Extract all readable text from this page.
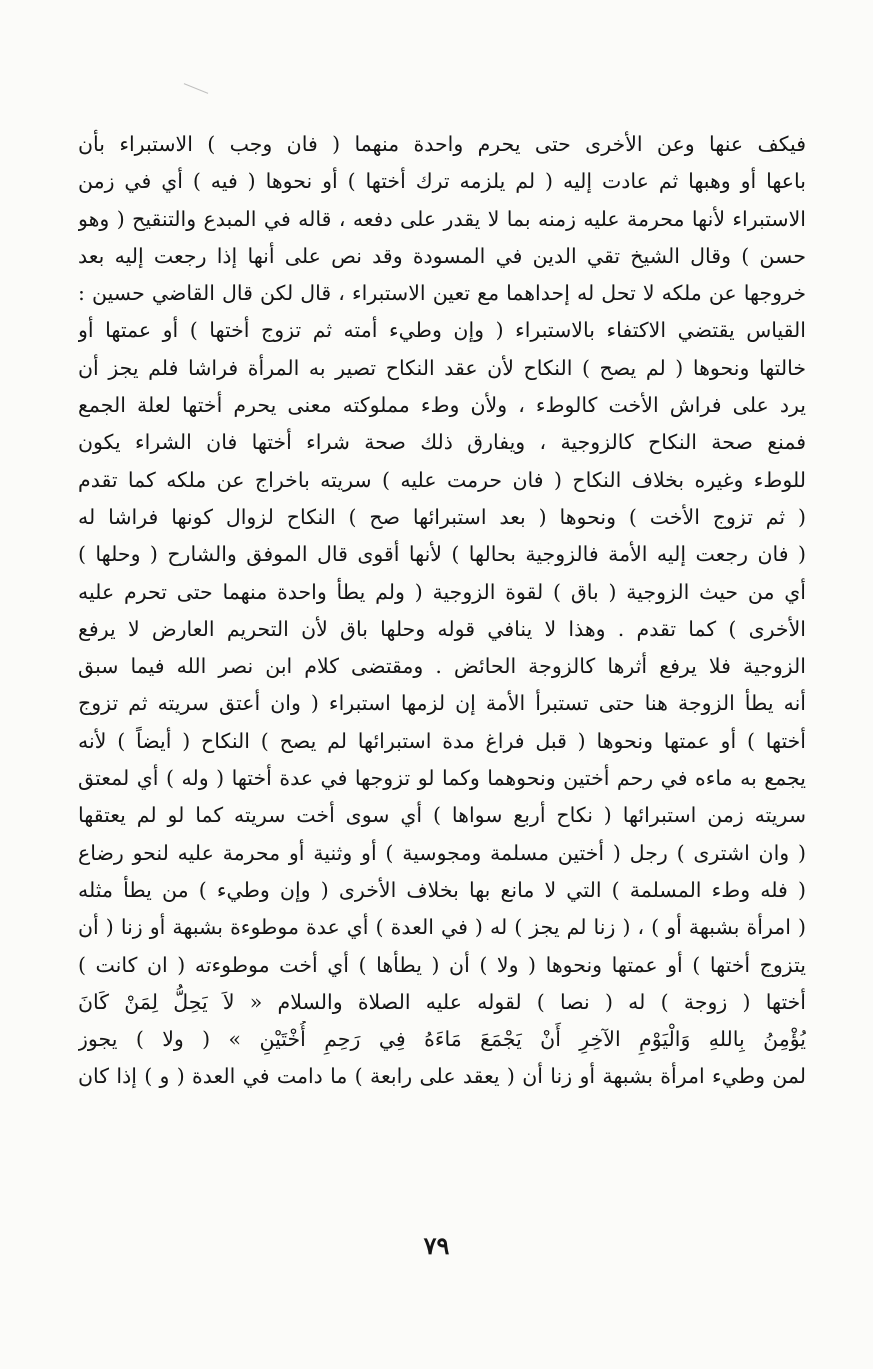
فيكف عنها وعن الأخرى حتى يحرم واحدة منهما ( فان وجب ) الاستبراء بأن
باعها أو وهبها ثم عادت إليه ( لم يلزمه ترك أختها ) أو نحوها ( فيه ) أي في زمن
الاستبراء لأنها محرمة عليه زمنه بما لا يقدر على دفعه ، قاله في المبدع والتنقيح ( وهو
حسن ) وقال الشيخ تقي الدين في المسودة وقد نص على أنها إذا رجعت إليه بعد
خروجها عن ملكه لا تحل له إحداهما مع تعين الاستبراء ، قال لكن قال القاضي حسين :
القياس يقتضي الاكتفاء بالاستبراء ( وإن وطيء أمته ثم تزوج أختها ) أو عمتها أو
خالتها ونحوها ( لم يصح ) النكاح لأن عقد النكاح تصير به المرأة فراشا فلم يجز أن
يرد على فراش الأخت كالوطء ، ولأن وطء مملوكته معنى يحرم أختها لعلة الجمع
فمنع صحة النكاح كالزوجية ، ويفارق ذلك صحة شراء أختها فان الشراء يكون
للوطء وغيره بخلاف النكاح ( فان حرمت عليه ) سريته باخراج عن ملكه كما تقدم
( ثم تزوج الأخت ) ونحوها ( بعد استبرائها صح ) النكاح لزوال كونها فراشا له
( فان رجعت إليه الأمة فالزوجية بحالها ) لأنها أقوى قال الموفق والشارح ( وحلها )
أي من حيث الزوجية ( باق ) لقوة الزوجية ( ولم يطأ واحدة منهما حتى تحرم عليه
الأخرى ) كما تقدم . وهذا لا ينافي قوله وحلها باق لأن التحريم العارض لا يرفع
الزوجية فلا يرفع أثرها كالزوجة الحائض . ومقتضى كلام ابن نصر الله فيما سبق
أنه يطأ الزوجة هنا حتى تستبرأ الأمة إن لزمها استبراء ( وان أعتق سريته ثم تزوج
أختها ) أو عمتها ونحوها ( قبل فراغ مدة استبرائها لم يصح ) النكاح ( أيضاً ) لأنه
يجمع به ماءه في رحم أختين ونحوهما وكما لو تزوجها في عدة أختها ( وله ) أي لمعتق
سريته زمن استبرائها ( نكاح أربع سواها ) أي سوى أخت سريته كما لو لم يعتقها
( وان اشترى ) رجل ( أختين مسلمة ومجوسية ) أو وثنية أو محرمة عليه لنحو رضاع
( فله وطء المسلمة ) التي لا مانع بها بخلاف الأخرى ( وإن وطيء ) من يطأ مثله
( امرأة بشبهة أو ) ، ( زنا لم يجز ) له ( في العدة ) أي عدة موطوءة بشبهة أو زنا ( أن
يتزوج أختها ) أو عمتها ونحوها ( ولا ) أن ( يطأها ) أي أخت موطوءته ( ان كانت )
أختها ( زوجة ) له ( نصا ) لقوله عليه الصلاة والسلام « لاَ يَحِلُّ لِمَنْ كَانَ
يُؤْمِنُ بِاللهِ وَالْيَوْمِ الآخِرِ أَنْ يَجْمَعَ مَاءَهُ فِي رَحِمِ أُخْتَيْنِ » ( ولا ) يجوز
لمن وطيء امرأة بشبهة أو زنا أن ( يعقد على رابعة ) ما دامت في العدة ( و ) إذا كان
٧٩
